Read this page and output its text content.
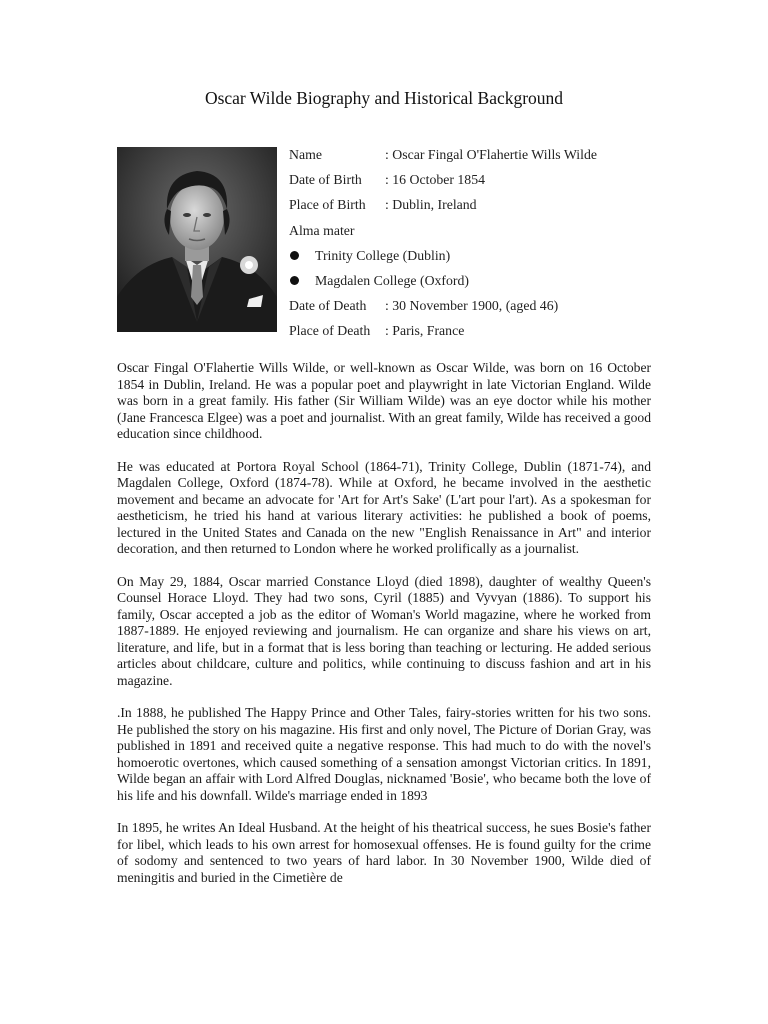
Oscar Wilde Biography and Historical Background
Name	: Oscar Fingal O'Flahertie Wills Wilde
Date of Birth	: 16 October 1854
Place of Birth	: Dublin, Ireland
Alma mater
Trinity College (Dublin)
Magdalen College (Oxford)
Date of Death	: 30 November 1900, (aged 46)
Place of Death	: Paris, France

Oscar Fingal O'Flahertie Wills Wilde, or well-known as Oscar Wilde, was born on 16 October 1854 in Dublin, Ireland. He was a popular poet and playwright in late Victorian England. Wilde was born in a great family. His father (Sir William Wilde) was an eye doctor while his mother (Jane Francesca Elgee) was a poet and journalist. With an great family, Wilde has received a good education since childhood.

He was educated at Portora Royal School (1864-71), Trinity College, Dublin (1871-74), and Magdalen College, Oxford (1874-78). While at Oxford, he became involved in the aesthetic movement and became an advocate for 'Art for Art's Sake' (L'art pour l'art). As a spokesman for aestheticism, he tried his hand at various literary activities: he published a book of poems, lectured in the United States and Canada on the new "English Renaissance in Art" and interior decoration, and then returned to London where he worked prolifically as a journalist.

On May 29, 1884, Oscar married Constance Lloyd (died 1898), daughter of wealthy Queen's Counsel Horace Lloyd. They had two sons, Cyril (1885) and Vyvyan (1886). To support his family, Oscar accepted a job as the editor of Woman's World magazine, where he worked from 1887-1889. He enjoyed reviewing and journalism. He can organize and share his views on art, literature, and life, but in a format that is less boring than teaching or lecturing. He added serious articles about childcare, culture and politics, while continuing to discuss fashion and art in his magazine.

.In 1888, he published The Happy Prince and Other Tales, fairy-stories written for his two sons. He published the story on his magazine. His first and only novel, The Picture of Dorian Gray, was published in 1891 and received quite a negative response. This had much to do with the novel's homoerotic overtones, which caused something of a sensation amongst Victorian critics. In 1891, Wilde began an affair with Lord Alfred Douglas, nicknamed 'Bosie', who became both the love of his life and his downfall. Wilde's marriage ended in 1893

In 1895, he writes An Ideal Husband. At the height of his theatrical success, he sues Bosie's father for libel, which leads to his own arrest for homosexual offenses. He is found guilty for the crime of sodomy and sentenced to two years of hard labor. In 30 November 1900, Wilde died of meningitis and buried in the Cimetière de
